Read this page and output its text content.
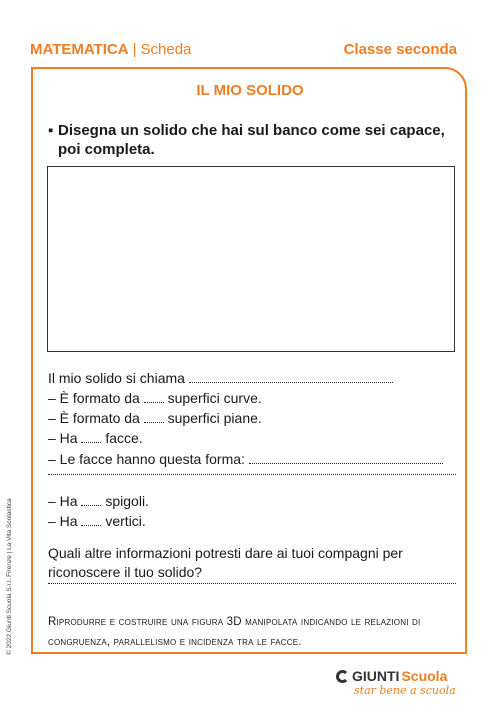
MATEMATICA | Scheda	Classe seconda
IL MIO SOLIDO
▪ Disegna un solido che hai sul banco come sei capace,
poi completa.
Il mio solido si chiama
– È formato da superfici curve.
– È formato da superfici piane.
– Ha facce.
– Le facce hanno questa forma:
– Ha spigoli.
– Ha vertici.
Quali altre informazioni potresti dare ai tuoi compagni per riconoscere il tuo solido?
Riprodurre e costruire una figura 3D manipolata indicando le relazioni di congruenza, parallelismo e incidenza tra le facce.
© 2022 Giunti Scuola S.r.l. Firenze | La Vita Scolastica
GIUNTI Scuola
star bene a scuola
